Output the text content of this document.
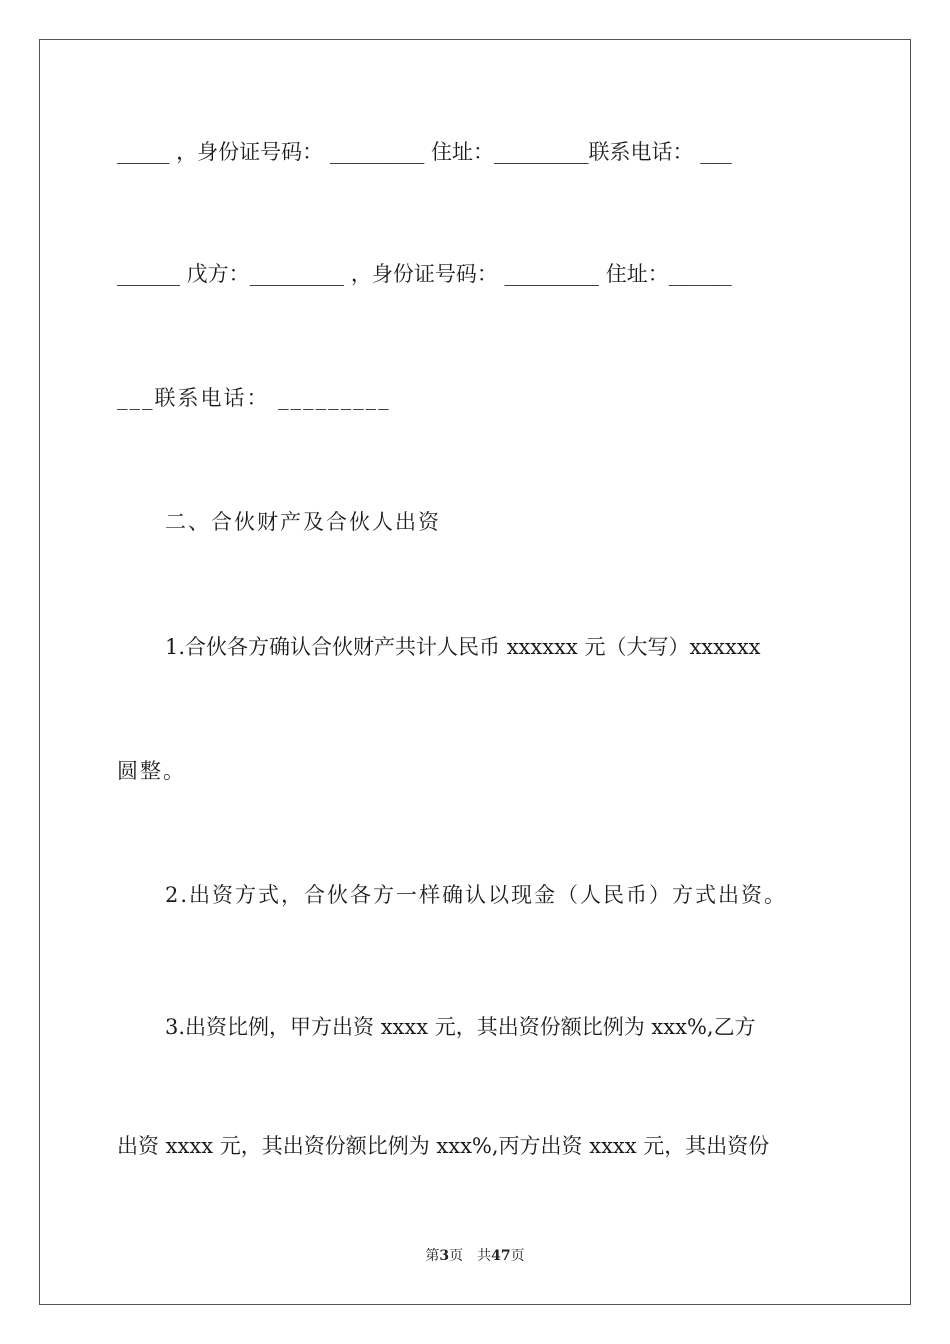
_____ ，身份证号码： _________ 住址：_________联系电话： ___
______ 戊方：_________ ，身份证号码： _________ 住址：______
___联系电话： _________
二、合伙财产及合伙人出资
1.合伙各方确认合伙财产共计人民币 xxxxxx 元（大写）xxxxxx
圆整。
2.出资方式，合伙各方一样确认以现金（人民币）方式出资。
3.出资比例，甲方出资 xxxx 元，其出资份额比例为 xxx%,乙方
出资 xxxx 元，其出资份额比例为 xxx%,丙方出资 xxxx 元，其出资份
第3页　共47页
